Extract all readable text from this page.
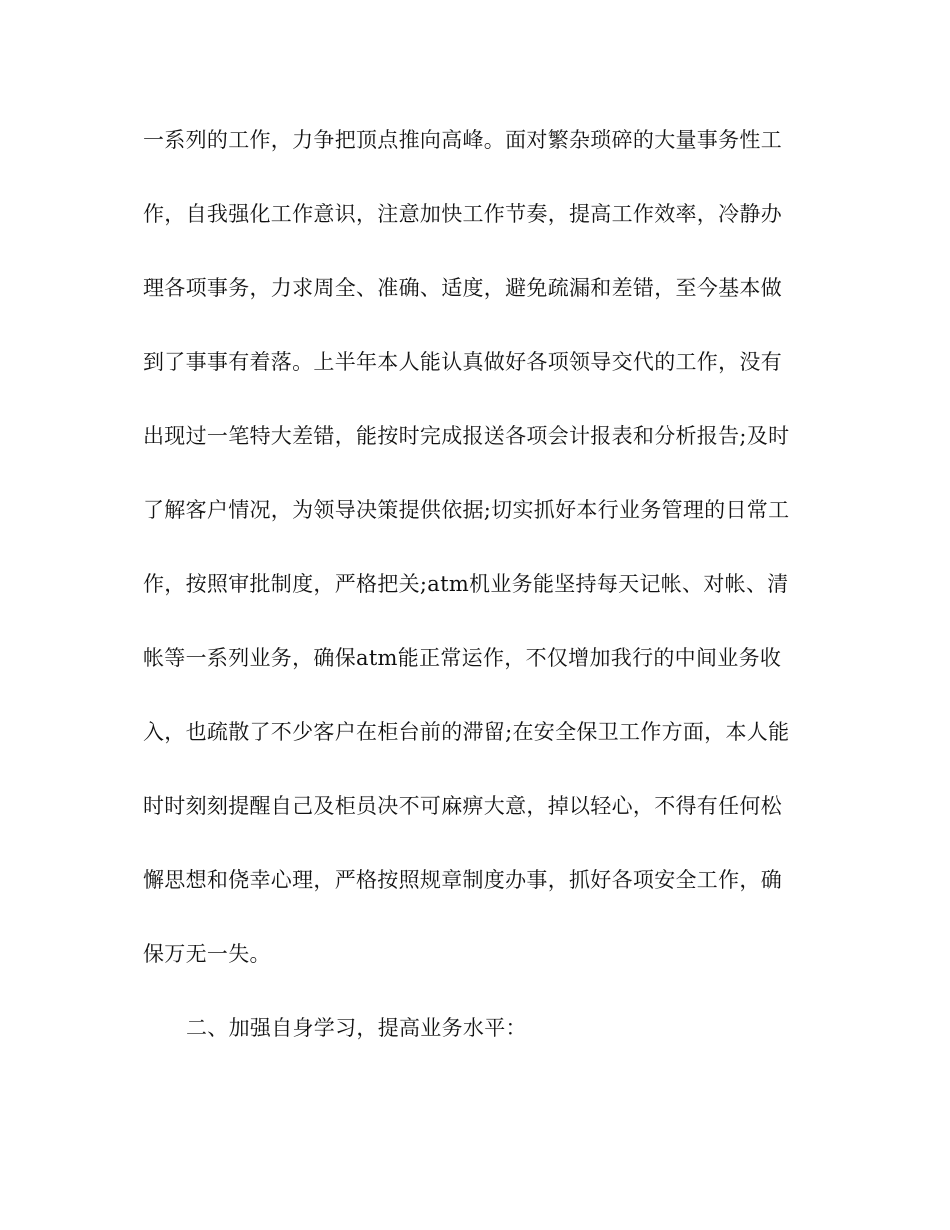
一系列的工作，力争把顶点推向高峰。面对繁杂琐碎的大量事务性工
作，自我强化工作意识，注意加快工作节奏，提高工作效率，冷静办
理各项事务，力求周全、准确、适度，避免疏漏和差错，至今基本做
到了事事有着落。上半年本人能认真做好各项领导交代的工作，没有
出现过一笔特大差错，能按时完成报送各项会计报表和分析报告;及时
了解客户情况，为领导决策提供依据;切实抓好本行业务管理的日常工
作，按照审批制度，严格把关;atm机业务能坚持每天记帐、对帐、清
帐等一系列业务，确保atm能正常运作，不仅增加我行的中间业务收
入，也疏散了不少客户在柜台前的滞留;在安全保卫工作方面，本人能
时时刻刻提醒自己及柜员决不可麻痹大意，掉以轻心，不得有任何松
懈思想和侥幸心理，严格按照规章制度办事，抓好各项安全工作，确
保万无一失。
二、加强自身学习，提高业务水平：
